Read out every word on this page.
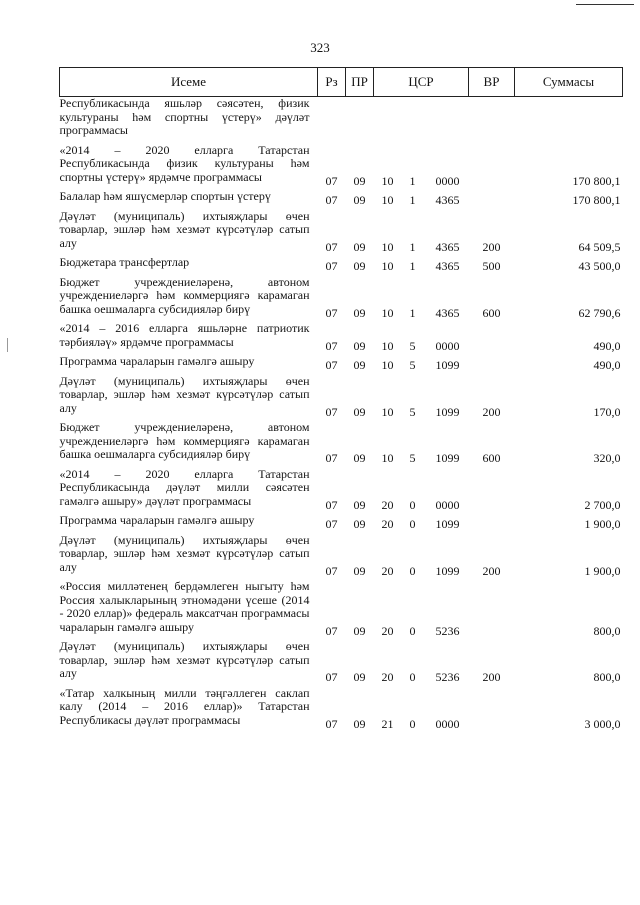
323
Исеме	Рз	ПР	ЦСР	ВР	Суммасы
Республикасында яшьләр сәясәтен, физик культураны һәм спортны үстерү» дәүләт программасы					
«2014 – 2020 елларга Татарстан Республикасында физик культураны һәм спортны үстерү» ярдәмче программасы	07	09	10 1 0000		170 800,1
Балалар һәм яшүсмерләр спортын үстерү	07	09	10 1 4365		170 800,1
Дәүләт (муниципаль) ихтыяҗлары өчен товарлар, эшләр һәм хезмәт күрсәтүләр сатып алу	07	09	10 1 4365	200	64 509,5
Бюджетара трансфертлар	07	09	10 1 4365	500	43 500,0
Бюджет учреждениеләренә, автоном учреждениеләргә һәм коммерциягә карамаган башка оешмаларга субсидияләр бирү	07	09	10 1 4365	600	62 790,6
«2014 – 2016 елларга яшьләрне патриотик тәрбияләү» ярдәмче программасы	07	09	10 5 0000		490,0
Программа чараларын гамәлгә ашыру	07	09	10 5 1099		490,0
Дәүләт (муниципаль) ихтыяҗлары өчен товарлар, эшләр һәм хезмәт күрсәтүләр сатып алу	07	09	10 5 1099	200	170,0
Бюджет учреждениеләренә, автоном учреждениеләргә һәм коммерциягә карамаган башка оешмаларга субсидияләр бирү	07	09	10 5 1099	600	320,0
«2014 – 2020 елларга Татарстан Республикасында дәүләт милли сәясәтен гамәлгә ашыру» дәүләт программасы	07	09	20 0 0000		2 700,0
Программа чараларын гамәлгә ашыру	07	09	20 0 1099		1 900,0
Дәүләт (муниципаль) ихтыяҗлары өчен товарлар, эшләр һәм хезмәт күрсәтүләр сатып алу	07	09	20 0 1099	200	1 900,0
«Россия милләтенең бердәмлеген ныгыту һәм Россия халыкларының этномәдәни үсеше (2014 - 2020 еллар)» федераль максатчан программасы чараларын гамәлгә ашыру	07	09	20 0 5236		800,0
Дәүләт (муниципаль) ихтыяҗлары өчен товарлар, эшләр һәм хезмәт күрсәтүләр сатып алу	07	09	20 0 5236	200	800,0
«Татар халкының милли тәңгәллеген саклап калу (2014 – 2016 еллар)» Татарстан Республикасы дәүләт программасы	07	09	21 0 0000		3 000,0
